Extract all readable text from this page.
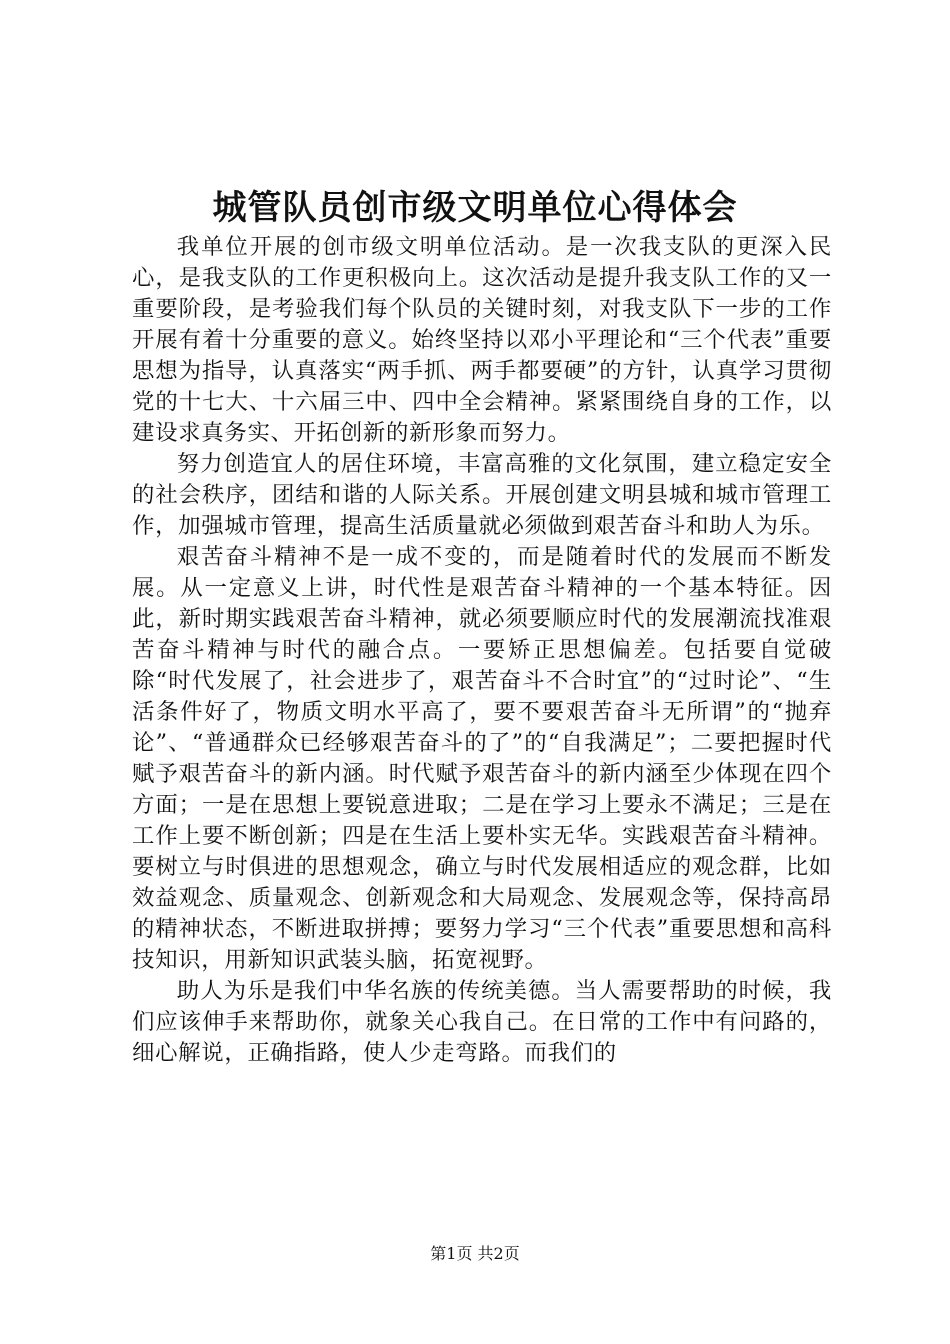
城管队员创市级文明单位心得体会

我单位开展的创市级文明单位活动。是一次我支队的更深入民心，是我支队的工作更积极向上。这次活动是提升我支队工作的又一重要阶段，是考验我们每个队员的关键时刻，对我支队下一步的工作开展有着十分重要的意义。始终坚持以邓小平理论和“三个代表”重要思想为指导，认真落实“两手抓、两手都要硬”的方针，认真学习贯彻党的十七大、十六届三中、四中全会精神。紧紧围绕自身的工作，以建设求真务实、开拓创新的新形象而努力。

努力创造宜人的居住环境，丰富高雅的文化氛围，建立稳定安全的社会秩序，团结和谐的人际关系。开展创建文明县城和城市管理工作，加强城市管理，提高生活质量就必须做到艰苦奋斗和助人为乐。

艰苦奋斗精神不是一成不变的，而是随着时代的发展而不断发展。从一定意义上讲，时代性是艰苦奋斗精神的一个基本特征。因此，新时期实践艰苦奋斗精神，就必须要顺应时代的发展潮流找准艰苦奋斗精神与时代的融合点。一要矫正思想偏差。包括要自觉破除“时代发展了，社会进步了，艰苦奋斗不合时宜”的“过时论”、“生活条件好了，物质文明水平高了，要不要艰苦奋斗无所谓”的“抛弃论”、“普通群众已经够艰苦奋斗的了”的“自我满足”；二要把握时代赋予艰苦奋斗的新内涵。时代赋予艰苦奋斗的新内涵至少体现在四个方面；一是在思想上要锐意进取；二是在学习上要永不满足；三是在工作上要不断创新；四是在生活上要朴实无华。实践艰苦奋斗精神。要树立与时俱进的思想观念，确立与时代发展相适应的观念群，比如效益观念、质量观念、创新观念和大局观念、发展观念等，保持高昂的精神状态，不断进取拼搏；要努力学习“三个代表”重要思想和高科技知识，用新知识武装头脑，拓宽视野。

助人为乐是我们中华名族的传统美德。当人需要帮助的时候，我们应该伸手来帮助你，就象关心我自己。在日常的工作中有问路的，细心解说，正确指路，使人少走弯路。而我们的

第1页 共2页
